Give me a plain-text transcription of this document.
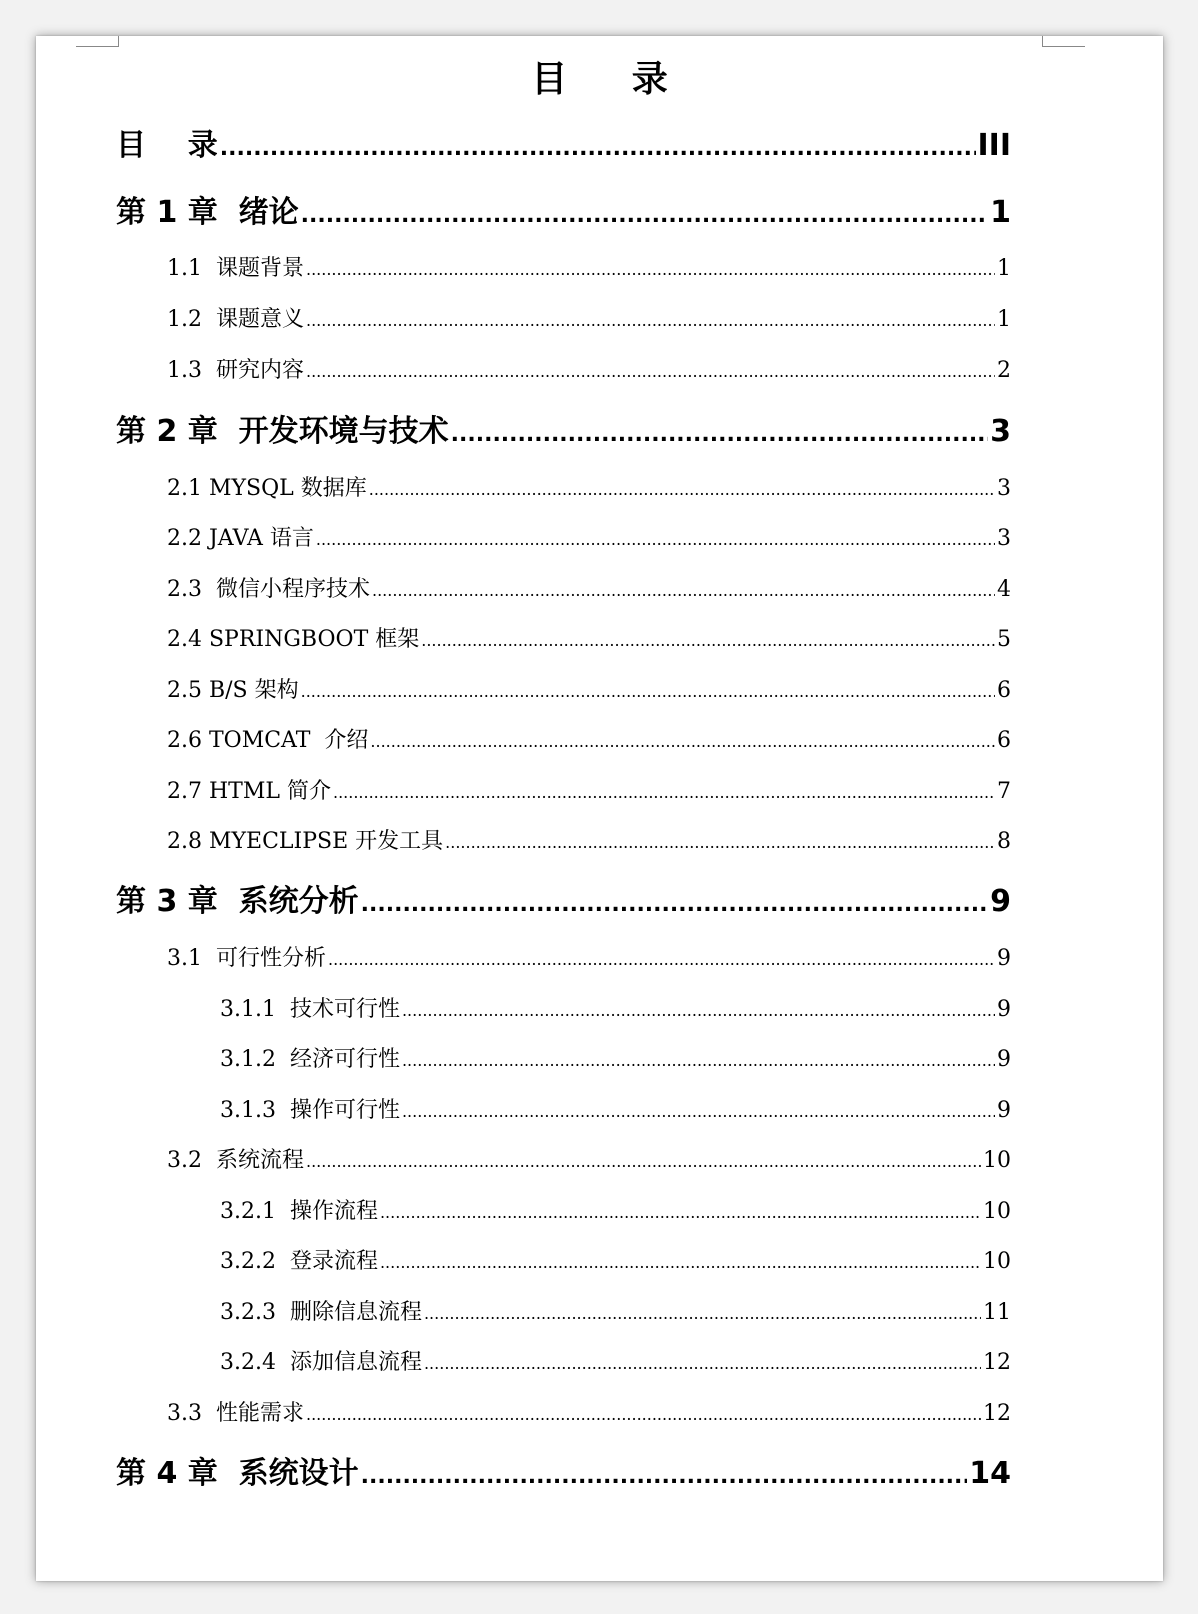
目 录
目    录 .....	III
第 1 章  绪论 .....	1
1.1  课题背景 .....	1
1.2  课题意义 .....	1
1.3  研究内容 .....	2
第 2 章  开发环境与技术 .....	3
2.1 MYSQL 数据库 .....	3
2.2 JAVA 语言 .....	3
2.3  微信小程序技术 .....	4
2.4 SPRINGBOOT 框架 .....	5
2.5 B/S 架构 .....	6
2.6 TOMCAT  介绍 .....	6
2.7 HTML 简介 .....	7
2.8 MYECLIPSE 开发工具 .....	8
第 3 章  系统分析 .....	9
3.1  可行性分析 .....	9
3.1.1  技术可行性 .....	9
3.1.2  经济可行性 .....	9
3.1.3  操作可行性 .....	9
3.2  系统流程 .....	10
3.2.1  操作流程 .....	10
3.2.2  登录流程 .....	10
3.2.3  删除信息流程 .....	11
3.2.4  添加信息流程 .....	12
3.3  性能需求 .....	12
第 4 章  系统设计 .....	14
